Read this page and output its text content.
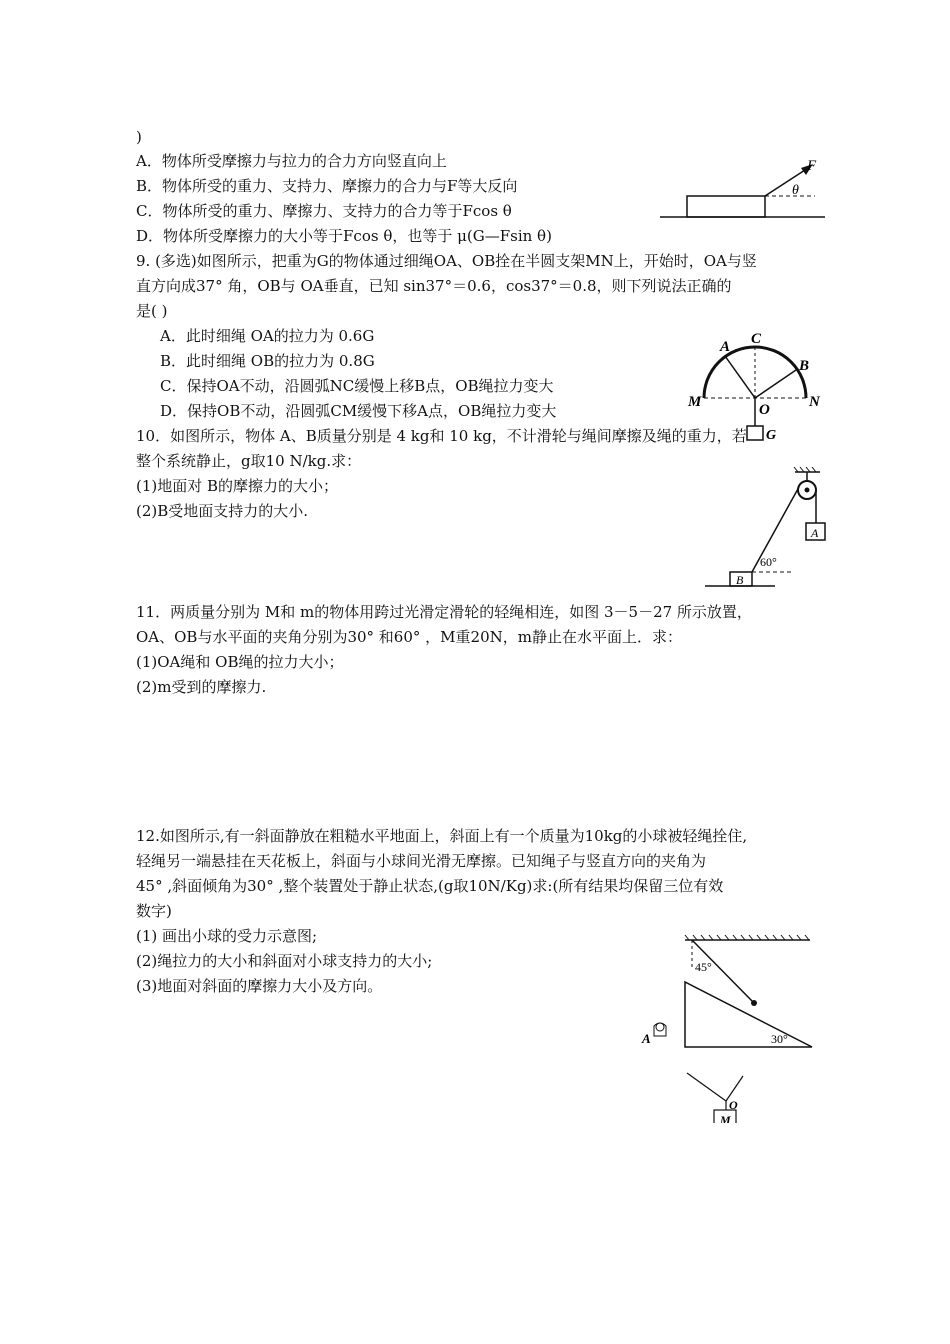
)
A．物体所受摩擦力与拉力的合力方向竖直向上
B．物体所受的重力、支持力、摩擦力的合力与F等大反向
C．物体所受的重力、摩擦力、支持力的合力等于Fcos θ
D．物体所受摩擦力的大小等于Fcos θ，也等于 μ(G—Fsin θ)
F
θ
9. (多选)如图所示，把重为G的物体通过细绳OA、OB拴在半圆支架MN上，开始时，OA与竖
直方向成37° 角，OB与 OA垂直，已知 sin37°＝0.6，cos37°＝0.8，则下列说法正确的
是( )
A．此时细绳 OA的拉力为 0.6G
B．此时细绳 OB的拉力为 0.8G
C．保持OA不动，沿圆弧NC缓慢上移B点，OB绳拉力变大
D．保持OB不动，沿圆弧CM缓慢下移A点，OB绳拉力变大
A C
B
M	N
O
G
10．如图所示，物体 A、B质量分别是 4 kg和 10 kg，不计滑轮与绳间摩擦及绳的重力，若
整个系统静止，g取10 N/kg.求：
(1)地面对 B的摩擦力的大小；
(2)B受地面支持力的大小.
A
60°
B
11．两质量分别为 M和 m的物体用跨过光滑定滑轮的轻绳相连，如图 3－5－27 所示放置，
OA、OB与水平面的夹角分别为30° 和60° ，M重20N，m静止在水平面上．求：
(1)OA绳和 OB绳的拉力大小；
(2)m受到的摩擦力.
12.如图所示,有一斜面静放在粗糙水平地面上，斜面上有一个质量为10kg的小球被轻绳拴住,
轻绳另一端悬挂在天花板上，斜面与小球间光滑无摩擦。已知绳子与竖直方向的夹角为
45° ,斜面倾角为30° ,整个装置处于静止状态,(g取10N/Kg)求:(所有结果均保留三位有效
数字)
(1) 画出小球的受力示意图;
(2)绳拉力的大小和斜面对小球支持力的大小;
(3)地面对斜面的摩擦力大小及方向。
45°
30°
A
O
M
